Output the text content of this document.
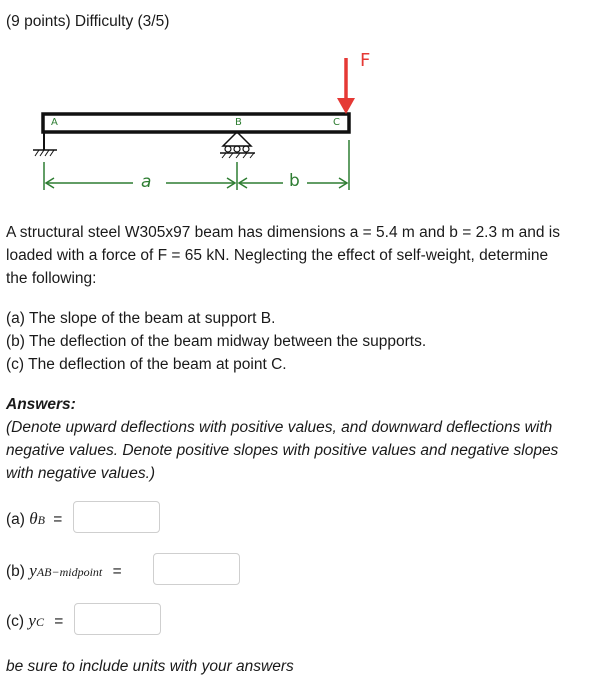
(9 points) Difficulty (3/5)
F
A	B	C
a	b
A structural steel W305x97 beam has dimensions a = 5.4 m and b = 2.3 m and is
loaded with a force of F = 65 kN. Neglecting the effect of self-weight, determine
the following:
(a) The slope of the beam at support B.
(b) The deflection of the beam midway between the supports.
(c) The deflection of the beam at point C.
Answers:
(Denote upward deflections with positive values, and downward deflections with
negative values. Denote positive slopes with positive values and negative slopes
with negative values.)
(a) θB =
(b) yAB−midpoint =
(c) yC =
be sure to include units with your answers
